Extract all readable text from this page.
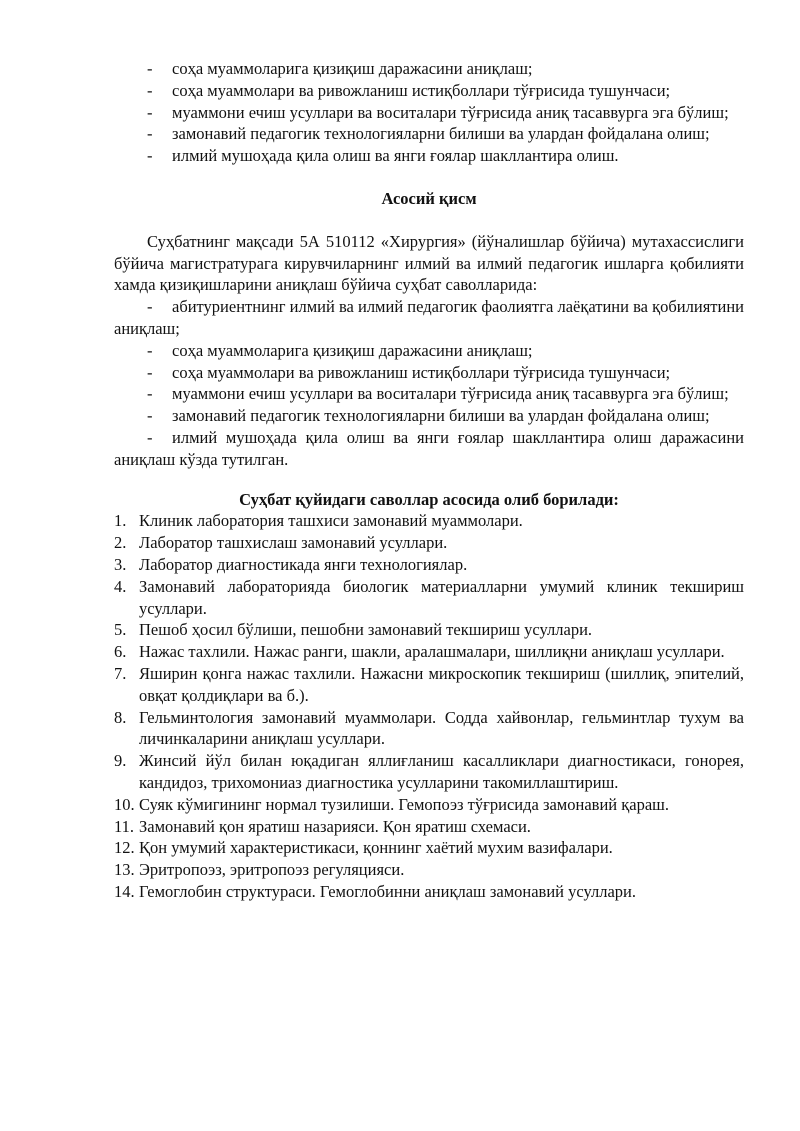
- соҳа муаммоларига қизиқиш даражасини аниқлаш;

- соҳа муаммолари ва ривожланиш истиқболлари тўғрисида тушунчаси;

- муаммони ечиш усуллари ва воситалари тўғрисида аниқ тасаввурга эга бўлиш;

- замонавий педагогик технологияларни билиши ва улардан фойдалана олиш;

- илмий мушоҳада қила олиш ва янги ғоялар шакллантира олиш.

Асосий қисм

Суҳбатнинг мақсади 5А 510112 «Хирургия» (йўналишлар бўйича) мутахассислиги бўйича магистратурага кирувчиларнинг илмий ва илмий педагогик ишларга қобилияти хамда қизиқишларини аниқлаш бўйича суҳбат саволларида:

- абитуриентнинг илмий ва илмий педагогик фаолиятга лаёқатини ва қобилиятини аниқлаш;

- соҳа муаммоларига қизиқиш даражасини аниқлаш;

- соҳа муаммолари ва ривожланиш истиқболлари тўғрисида тушунчаси;

- муаммони ечиш усуллари ва воситалари тўғрисида аниқ тасаввурга эга бўлиш;

- замонавий педагогик технологияларни билиши ва улардан фойдалана олиш;

- илмий мушоҳада қила олиш ва янги ғоялар шакллантира олиш даражасини аниқлаш кўзда тутилган.

Суҳбат қуйидаги саволлар асосида олиб борилади:

1. Клиник лаборатория ташхиси замонавий муаммолари.
2. Лаборатор ташхислаш замонавий усуллари.
3. Лаборатор диагностикада янги технологиялар.
4. Замонавий лабораторияда биологик материалларни умумий клиник текшириш усуллари.
5. Пешоб ҳосил бўлиши, пешобни замонавий текшириш усуллари.
6. Нажас тахлили. Нажас ранги, шакли, аралашмалари, шиллиқни аниқлаш усуллари.
7. Яширин қонга нажас тахлили. Нажасни микроскопик текшириш (шиллиқ, эпителий, овқат қолдиқлари ва б.).
8. Гельминтология замонавий муаммолари. Содда хайвонлар, гельминтлар тухум ва личинкаларини аниқлаш усуллари.
9. Жинсий йўл билан юқадиган яллиғланиш касалликлари диагностикаси, гонорея, кандидоз, трихомониаз диагностика усулларини такомиллаштириш.
10. Суяк кўмигининг нормал тузилиши. Гемопоэз тўғрисида замонавий қараш.
11. Замонавий қон яратиш назарияси. Қон яратиш схемаси.
12. Қон умумий характеристикаси, қоннинг хаётий мухим вазифалари.
13. Эритропоэз, эритропоэз регуляцияси.
14. Гемоглобин структураси. Гемоглобинни аниқлаш замонавий усуллари.
